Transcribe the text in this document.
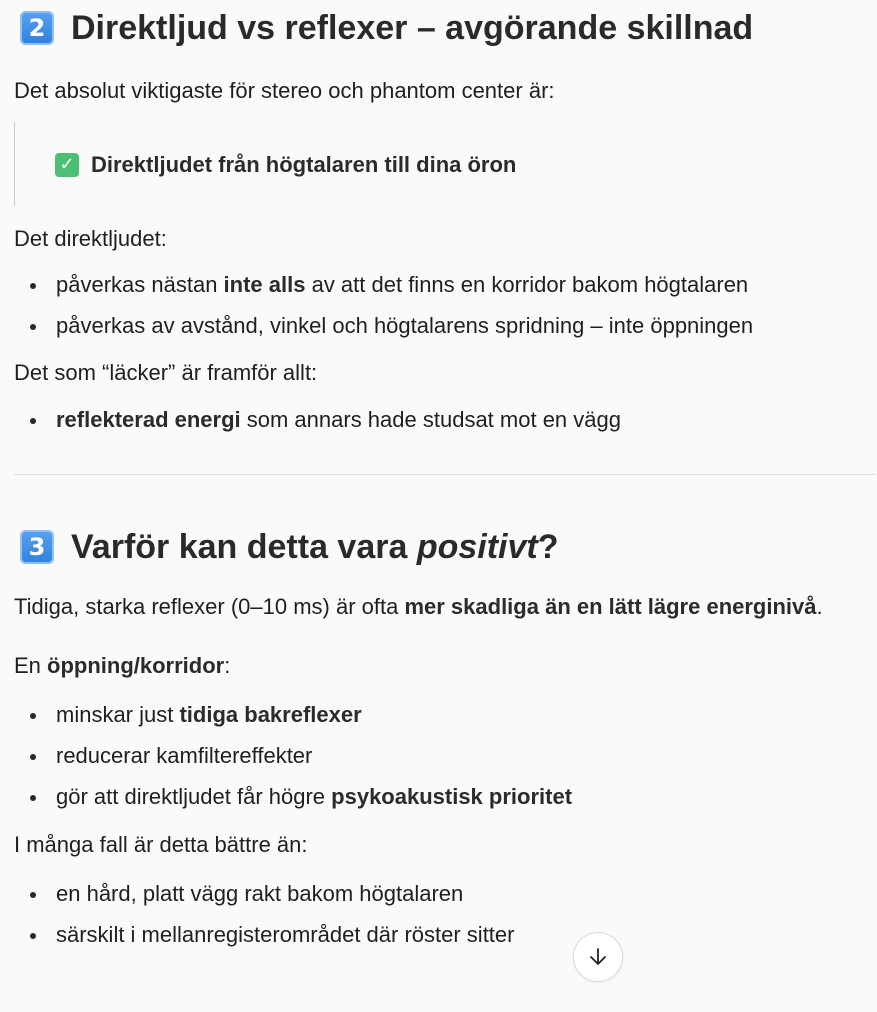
2 Direktljud vs reflexer – avgörande skillnad

Det absolut viktigaste för stereo och phantom center är:

✓ Direktljudet från högtalaren till dina öron

Det direktljudet:

påverkas nästan inte alls av att det finns en korridor bakom högtalaren
påverkas av avstånd, vinkel och högtalarens spridning – inte öppningen

Det som “läcker” är framför allt:

reflekterad energi som annars hade studsat mot en vägg
3 Varför kan detta vara positivt?

Tidiga, starka reflexer (0–10 ms) är ofta mer skadliga än en lätt lägre energinivå.

En öppning/korridor:

minskar just tidiga bakreflexer
reducerar kamfiltereffekter
gör att direktljudet får högre psykoakustisk prioritet

I många fall är detta bättre än:

en hård, platt vägg rakt bakom högtalaren
särskilt i mellanregisterområdet där röster sitter
